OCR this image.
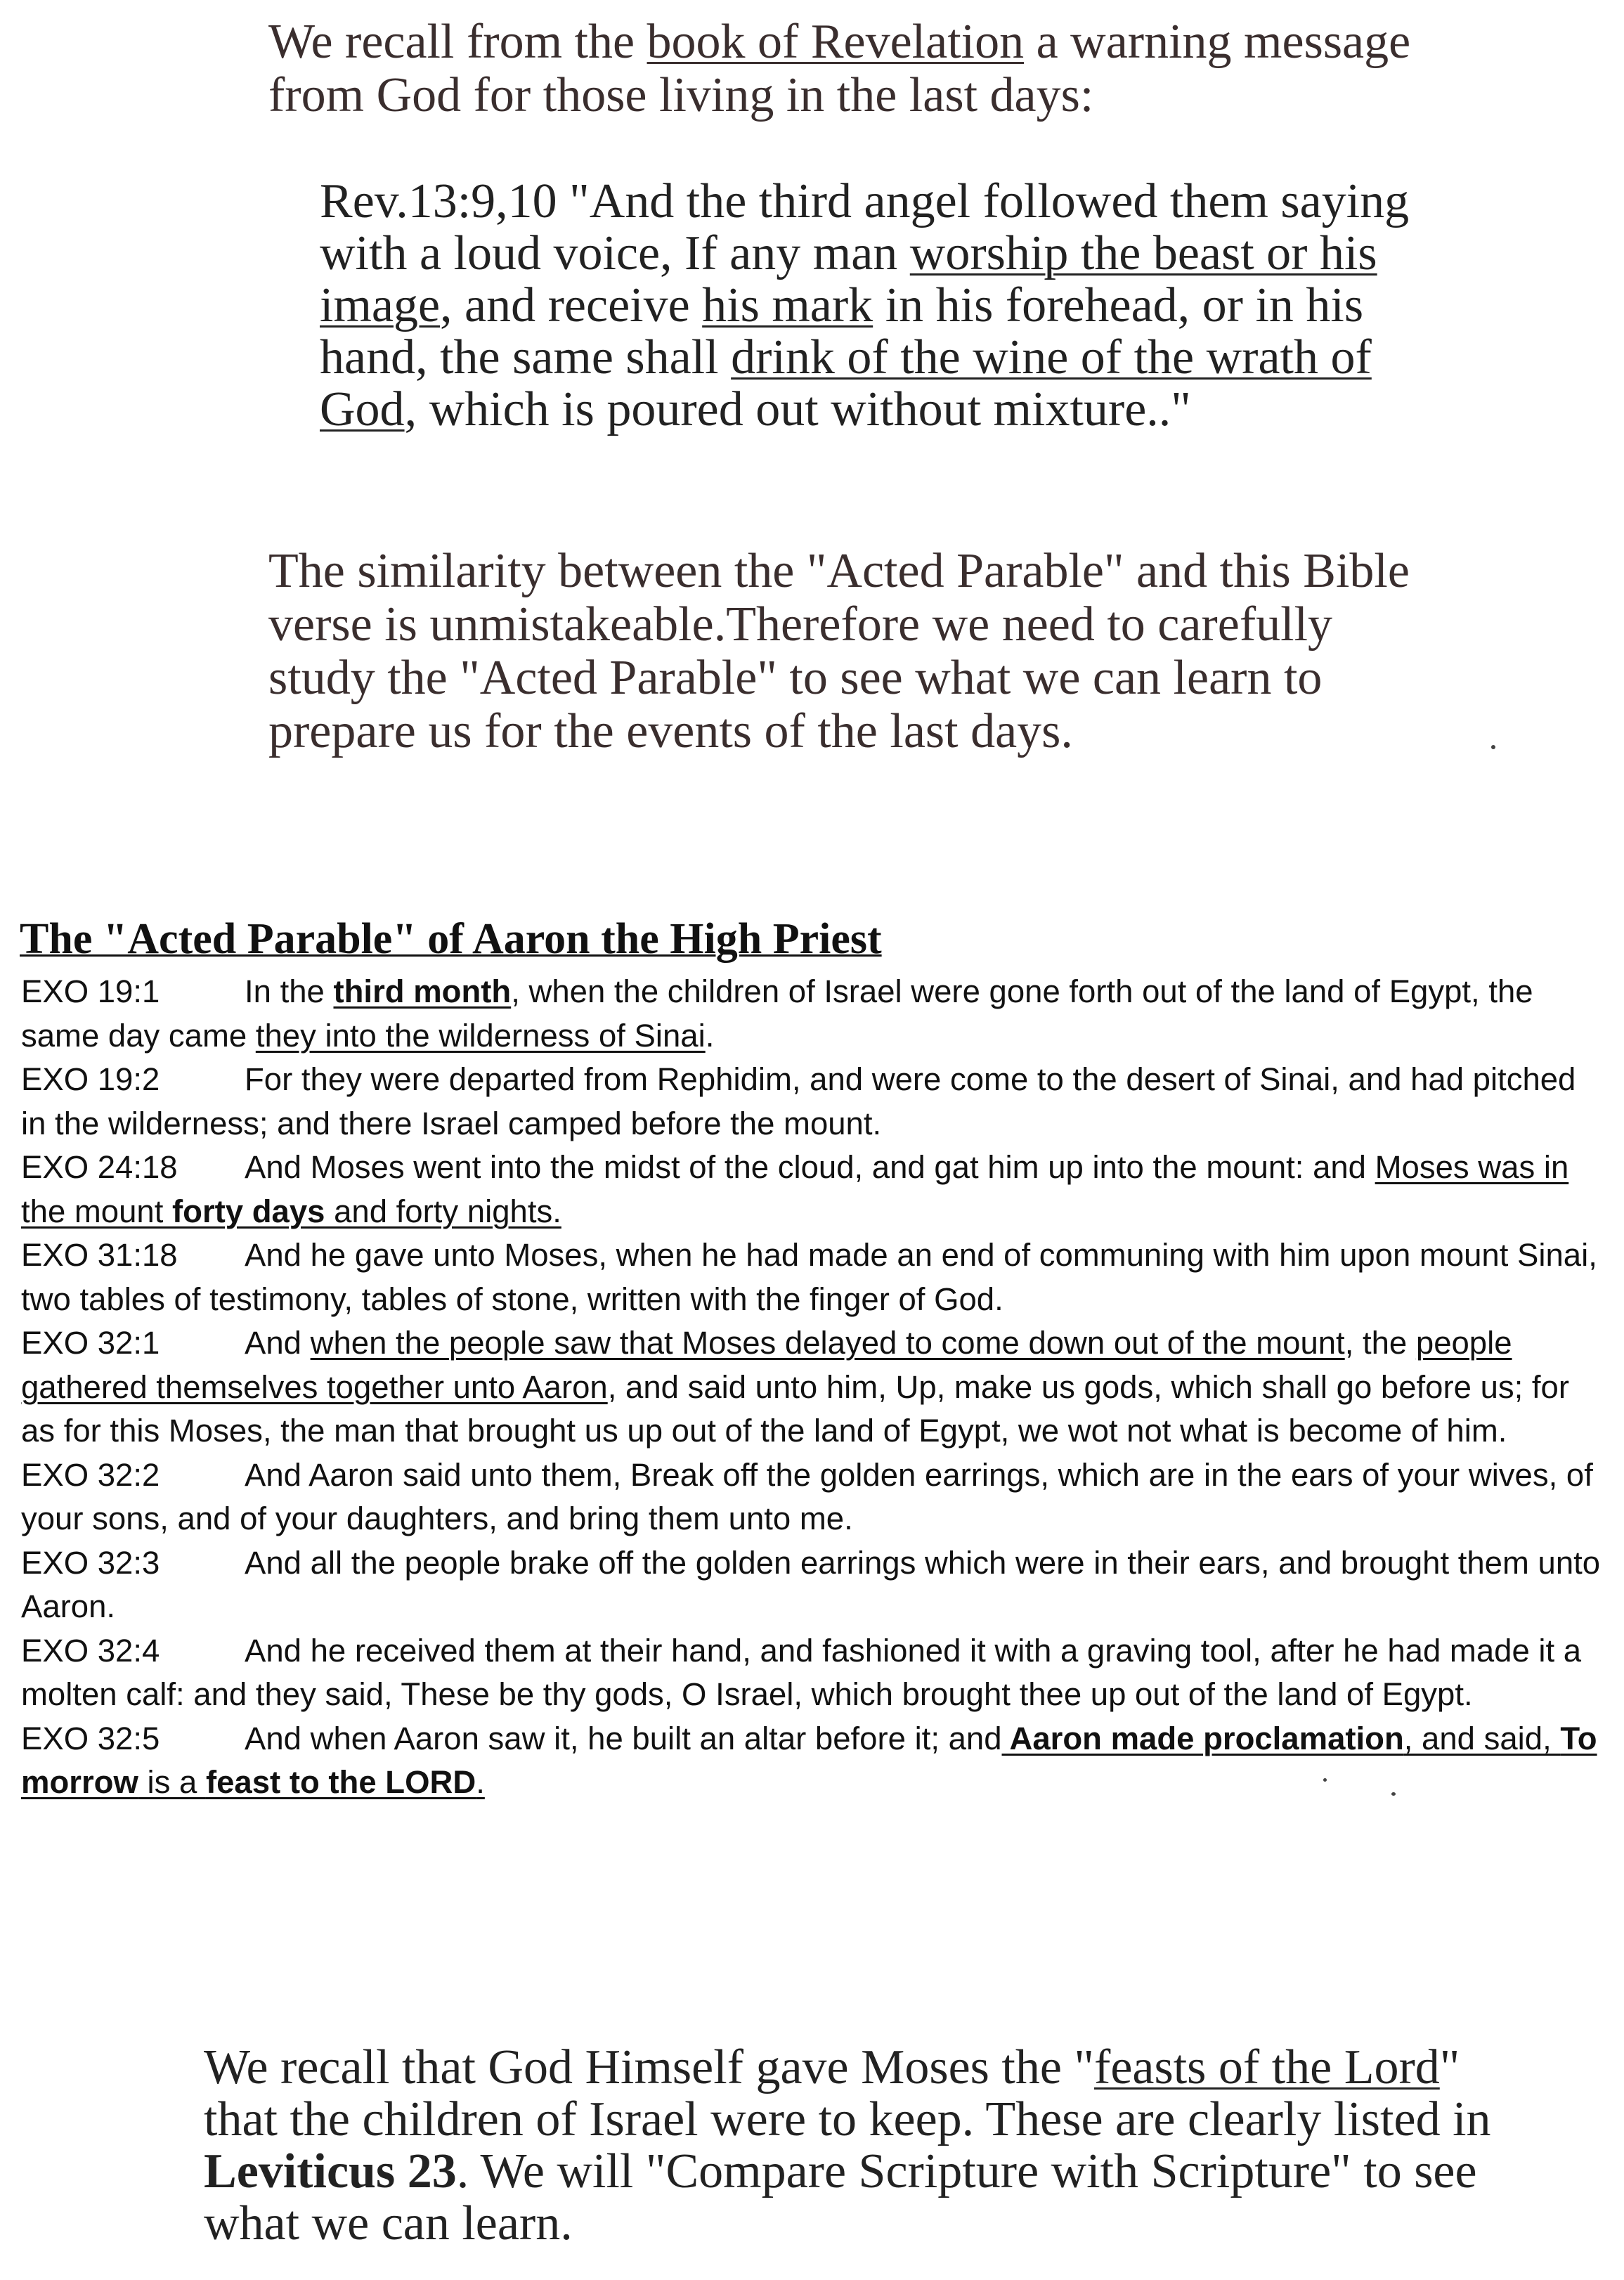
We recall from the book of Revelation a warning message from God for those living in the last days:
Rev.13:9,10 "And the third angel followed them saying with a loud voice, If any man worship the beast or his image, and receive his mark in his forehead, or in his hand, the same shall drink of the wine of the wrath of God, which is poured out without mixture.."
The similarity between the "Acted Parable" and this Bible verse is unmistakeable.Therefore we need to carefully study the "Acted Parable" to see what we can learn to prepare us for the events of the last days.
The "Acted Parable" of Aaron the High Priest

EXO 19:1	In the third month, when the children of Israel were gone forth out of the land of Egypt, the same day came they into the wilderness of Sinai.

EXO 19:2	For they were departed from Rephidim, and were come to the desert of Sinai, and had pitched in the wilderness; and there Israel camped before the mount.

EXO 24:18 And Moses went into the midst of the cloud, and gat him up into the mount: and Moses was in the mount forty days and forty nights.

EXO 31:18 And he gave unto Moses, when he had made an end of communing with him upon mount Sinai, two tables of testimony, tables of stone, written with the finger of God.

EXO 32:1	And when the people saw that Moses delayed to come down out of the mount, the people gathered themselves together unto Aaron, and said unto him, Up, make us gods, which shall go before us; for as for this Moses, the man that brought us up out of the land of Egypt, we wot not what is become of him.

EXO 32:2	And Aaron said unto them, Break off the golden earrings, which are in the ears of your wives, of your sons, and of your daughters, and bring them unto me.

EXO 32:3	And all the people brake off the golden earrings which were in their ears, and brought them unto Aaron.

EXO 32:4	And he received them at their hand, and fashioned it with a graving tool, after he had made it a molten calf: and they said, These be thy gods, O Israel, which brought thee up out of the land of Egypt.

EXO 32:5	And when Aaron saw it, he built an altar before it; and Aaron made proclamation, and said, To morrow is a feast to the LORD.

We recall that God Himself gave Moses the "feasts of the Lord" that the children of Israel were to keep. These are clearly listed in Leviticus 23. We will "Compare Scripture with Scripture" to see what we can learn.
